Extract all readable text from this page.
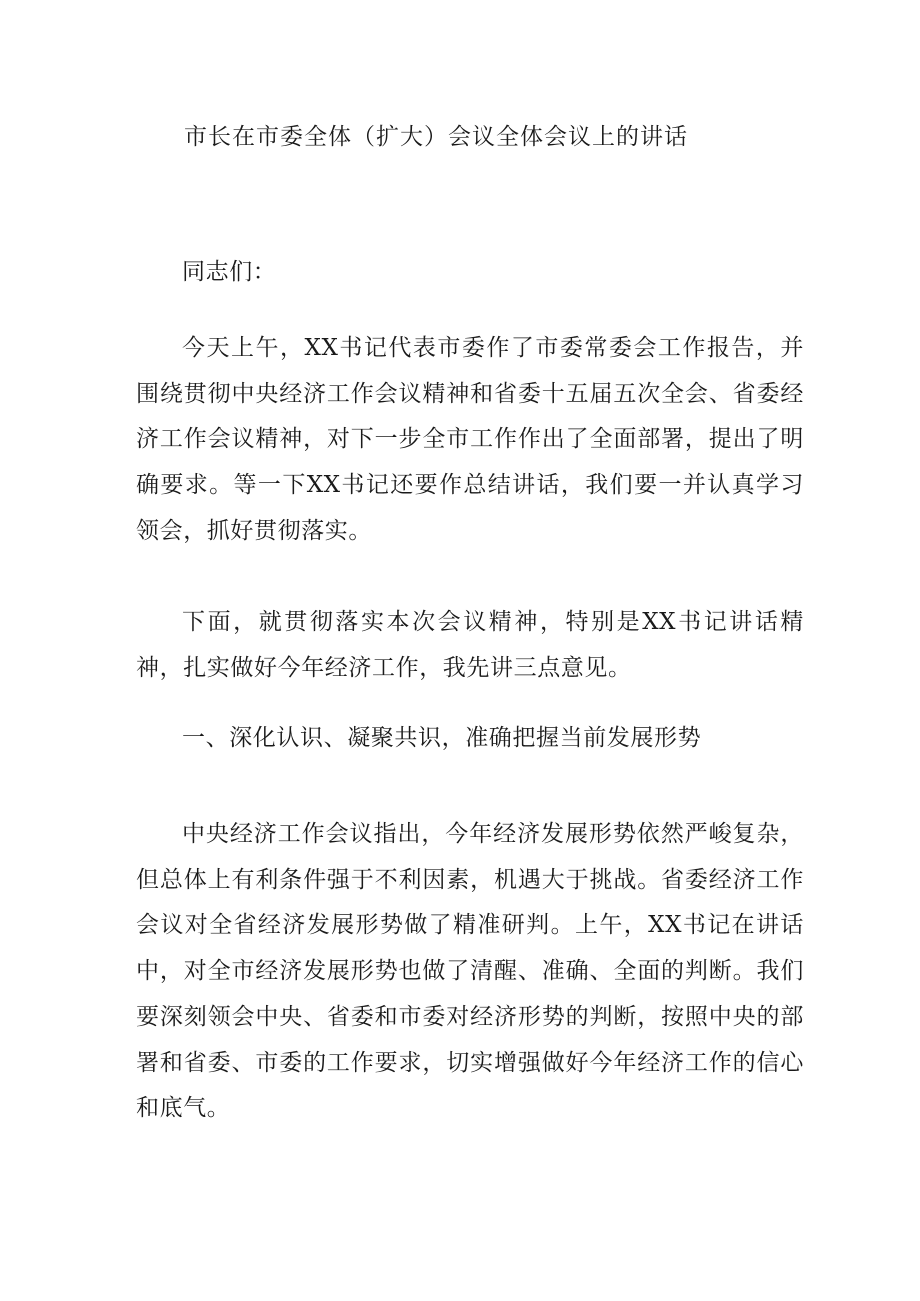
市长在市委全体（扩大）会议全体会议上的讲话
同志们：
今天上午，XX书记代表市委作了市委常委会工作报告，并围绕贯彻中央经济工作会议精神和省委十五届五次全会、省委经济工作会议精神，对下一步全市工作作出了全面部署，提出了明确要求。等一下XX书记还要作总结讲话，我们要一并认真学习领会，抓好贯彻落实。
下面，就贯彻落实本次会议精神，特别是XX书记讲话精神，扎实做好今年经济工作，我先讲三点意见。
一、深化认识、凝聚共识，准确把握当前发展形势
中央经济工作会议指出，今年经济发展形势依然严峻复杂，但总体上有利条件强于不利因素，机遇大于挑战。省委经济工作会议对全省经济发展形势做了精准研判。上午，XX书记在讲话中，对全市经济发展形势也做了清醒、准确、全面的判断。我们要深刻领会中央、省委和市委对经济形势的判断，按照中央的部署和省委、市委的工作要求，切实增强做好今年经济工作的信心和底气。
